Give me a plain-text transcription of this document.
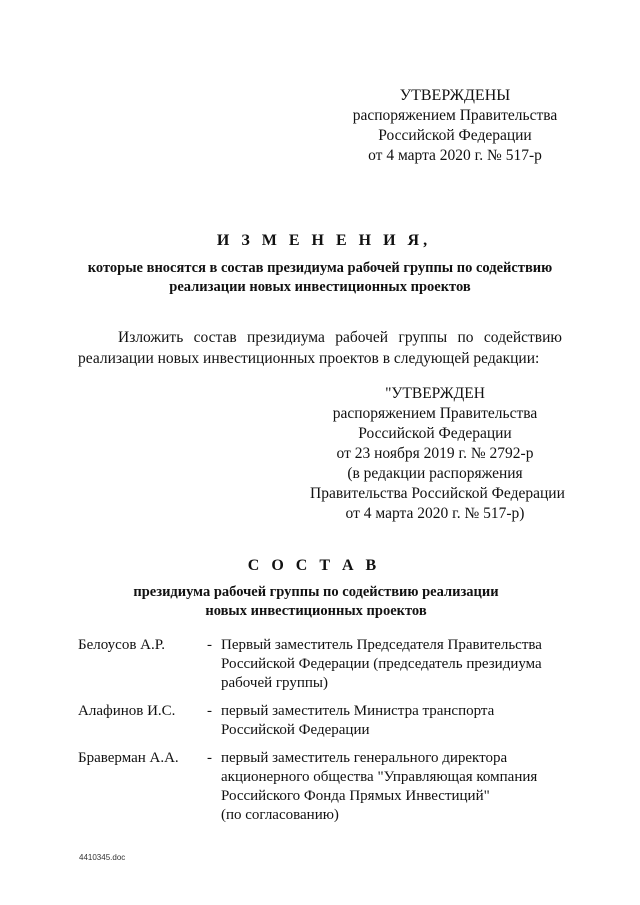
УТВЕРЖДЕНЫ
распоряжением Правительства
Российской Федерации
от 4 марта 2020 г. № 517-р
И З М Е Н Е Н И Я,
которые вносятся в состав президиума рабочей группы по содействию
реализации новых инвестиционных проектов
Изложить состав президиума рабочей группы по содействию
реализации новых инвестиционных проектов в следующей редакции:
"УТВЕРЖДЕН
распоряжением Правительства
Российской Федерации
от 23 ноября 2019 г. № 2792-р
(в редакции распоряжения
Правительства Российской Федерации
от 4 марта 2020 г. № 517-р)
С О С Т А В
президиума рабочей группы по содействию реализации
новых инвестиционных проектов
Белоусов А.Р.	- Первый заместитель Председателя Правительства
Российской Федерации (председатель президиума
рабочей группы)
Алафинов И.С.	- первый заместитель Министра транспорта
Российской Федерации
Браверман А.А.	- первый заместитель генерального директора
акционерного общества "Управляющая компания
Российского Фонда Прямых Инвестиций"
(по согласованию)
4410345.doc
